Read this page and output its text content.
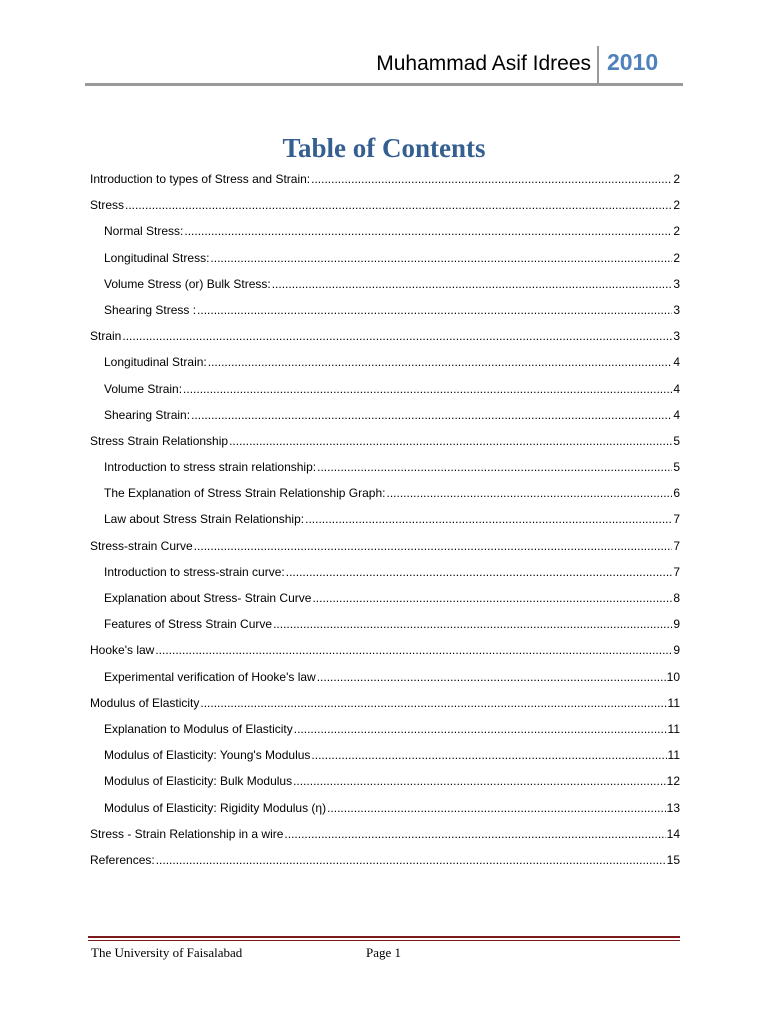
Muhammad Asif Idrees 2010
Table of Contents
Introduction to types of Stress and Strain: .....	2
Stress .....	2
Normal Stress: .....	2
Longitudinal Stress: .....	2
Volume Stress (or) Bulk Stress: .....	3
Shearing Stress : .....	3
Strain .....	3
Longitudinal Strain: .....	4
Volume Strain: .....	4
Shearing Strain: .....	4
Stress Strain Relationship .....	5
Introduction to stress strain relationship: .....	5
The Explanation of Stress Strain Relationship Graph: .....	6
Law about Stress Strain Relationship: .....	7
Stress-strain Curve .....	7
Introduction to stress-strain curve: .....	7
Explanation about Stress- Strain Curve .....	8
Features of Stress Strain Curve .....	9
Hooke's law .....	9
Experimental verification of Hooke's law .....	10
Modulus of Elasticity .....	11
Explanation to Modulus of Elasticity .....	11
Modulus of Elasticity: Young's Modulus .....	11
Modulus of Elasticity: Bulk Modulus .....	12
Modulus of Elasticity: Rigidity Modulus (η) .....	13
Stress - Strain Relationship in a wire .....	14
References: .....	15
The University of Faisalabad	Page 1
